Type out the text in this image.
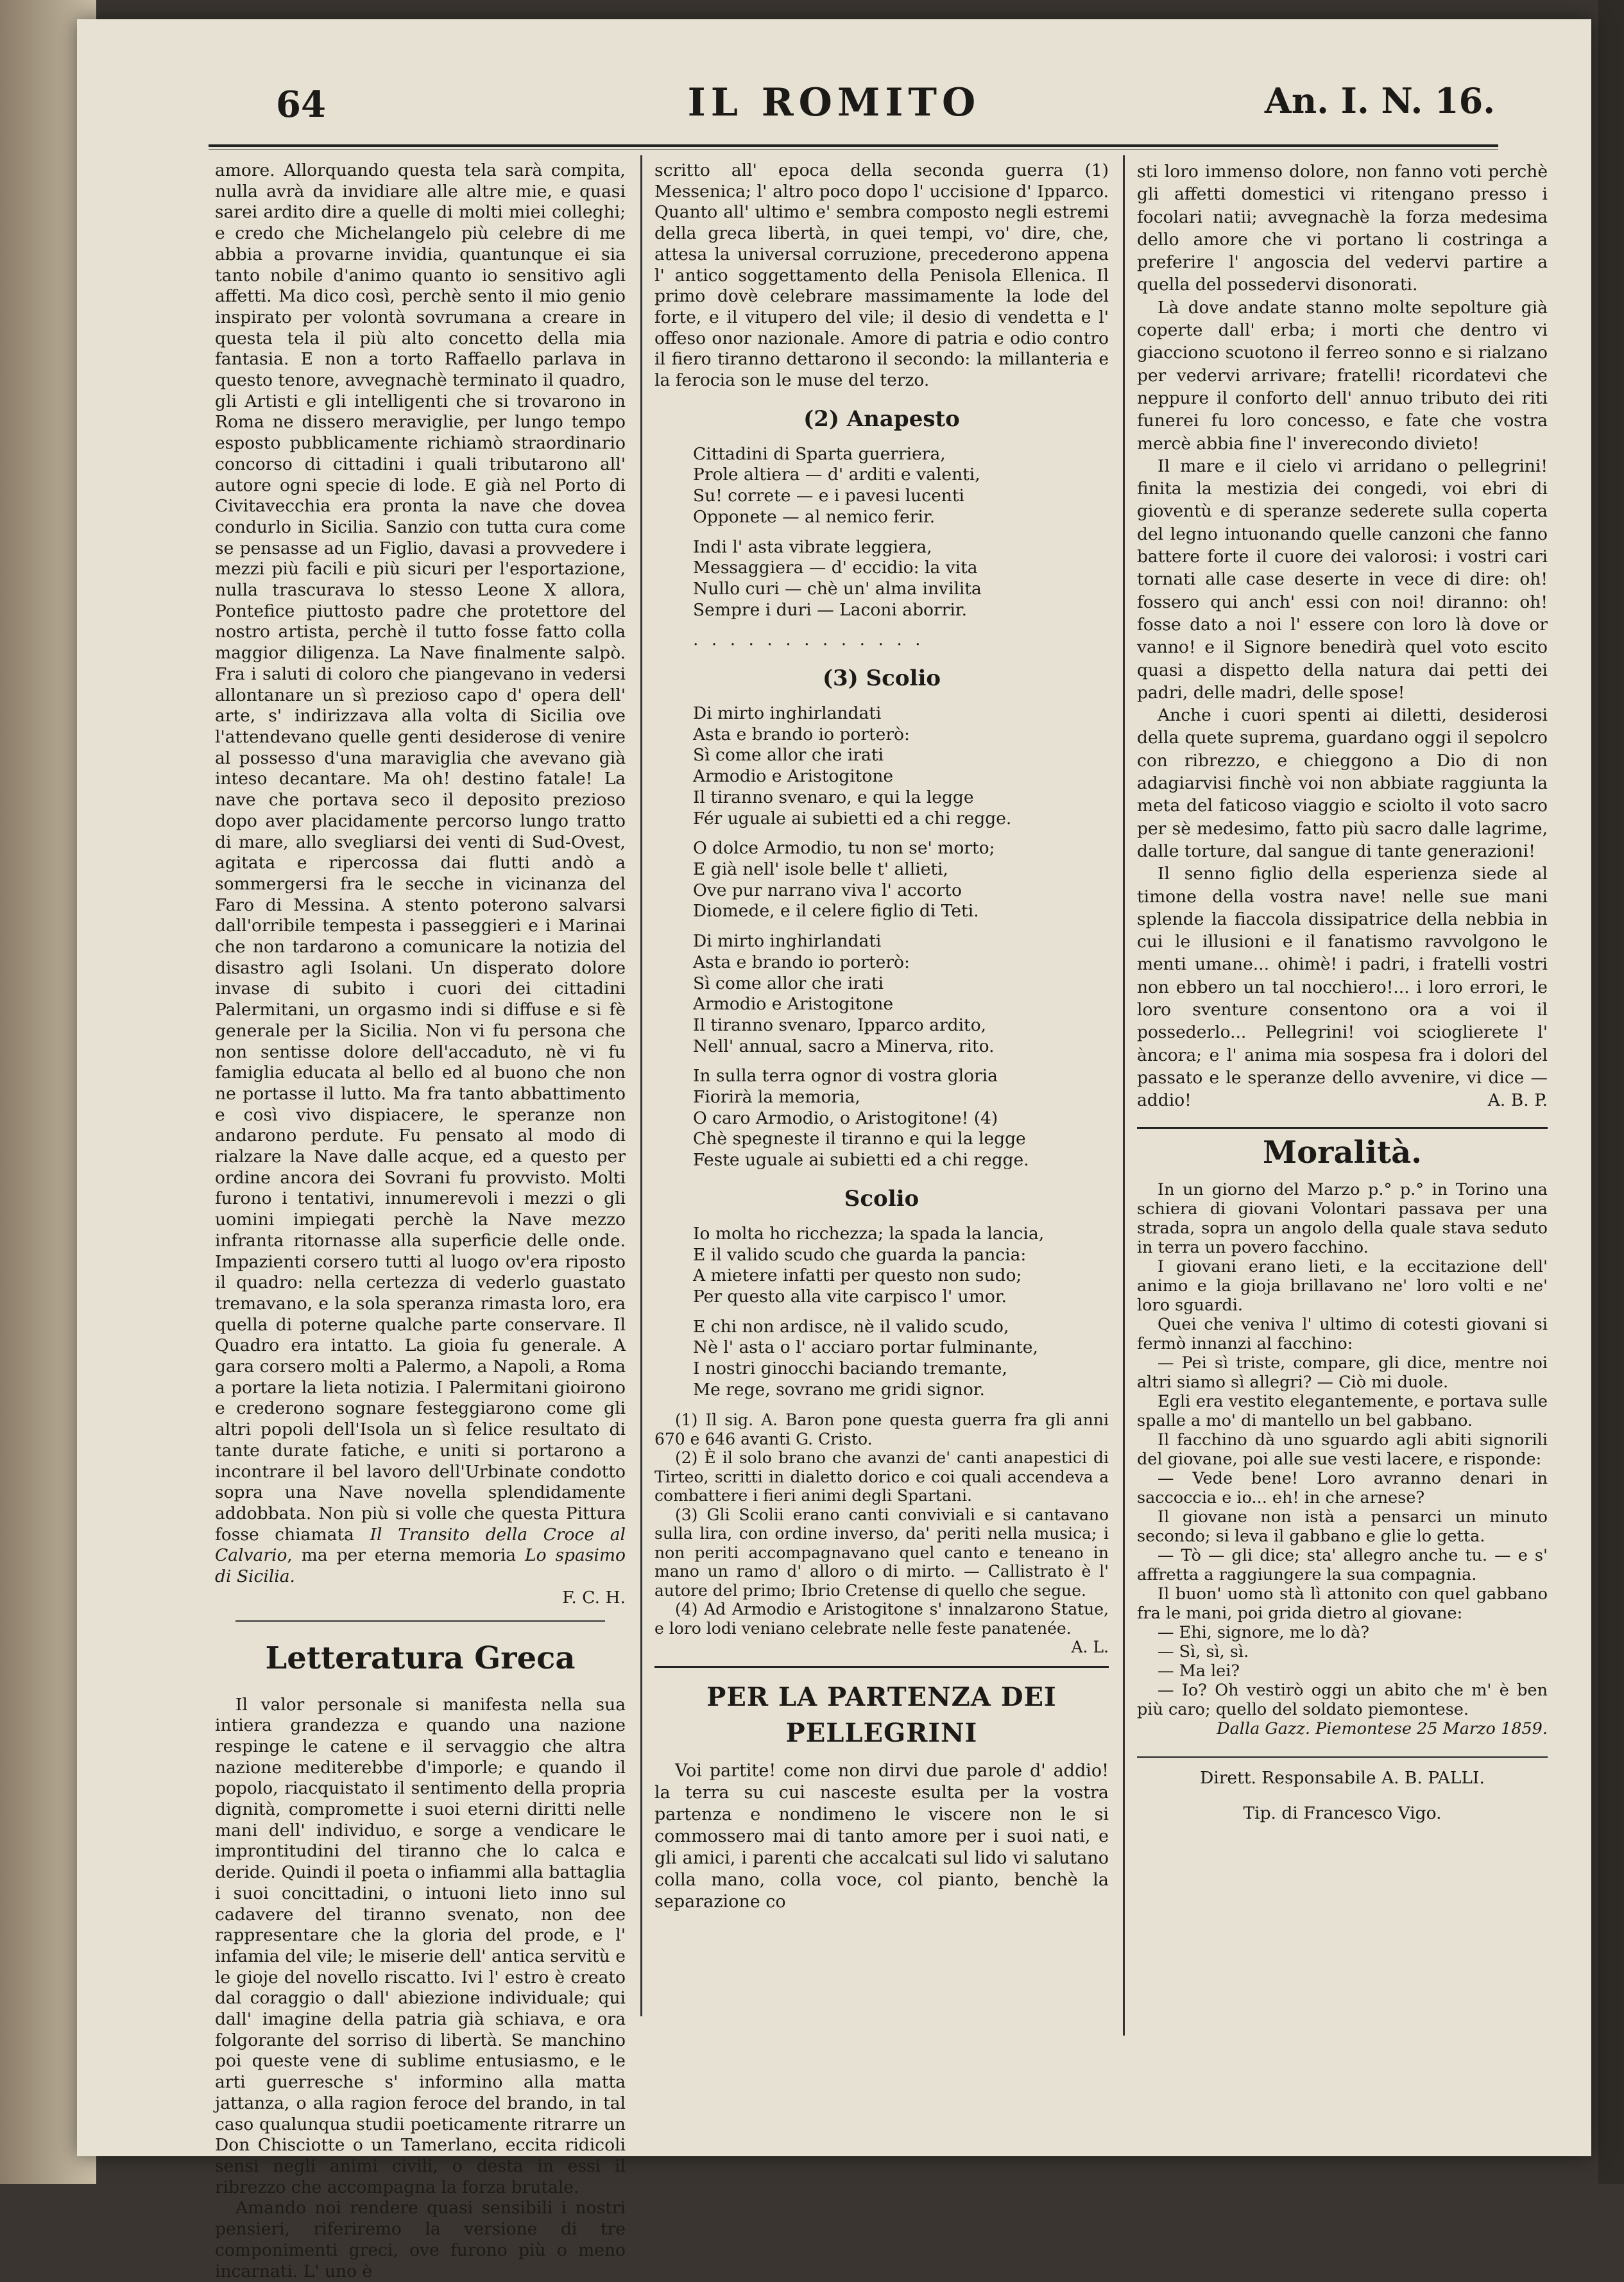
64	IL ROMITO	An. I. N. 16.

amore. Allorquando questa tela sarà compita, nulla avrà da invidiare alle altre mie, e quasi sarei ardito dire a quelle di molti miei colleghi; e credo che Michelangelo più celebre di me abbia a provarne invidia, quantunque ei sia tanto nobile d'animo quanto io sensitivo agli affetti. Ma dico così, perchè sento il mio genio inspirato per volontà sovrumana a creare in questa tela il più alto concetto della mia fantasia. E non a torto Raffaello parlava in questo tenore, avvegnachè terminato il quadro, gli Artisti e gli intelligenti che si trovarono in Roma ne dissero meraviglie, per lungo tempo esposto pubblicamente richiamò straordinario concorso di cittadini i quali tributarono all' autore ogni specie di lode. E già nel Porto di Civitavecchia era pronta la nave che dovea condurlo in Sicilia. Sanzio con tutta cura come se pensasse ad un Figlio, davasi a provvedere i mezzi più facili e più sicuri per l'esportazione, nulla trascurava lo stesso Leone X allora, Pontefice piuttosto padre che protettore del nostro artista, perchè il tutto fosse fatto colla maggior diligenza. La Nave finalmente salpò. Fra i saluti di coloro che piangevano in vedersi allontanare un sì prezioso capo d' opera dell' arte, s' indirizzava alla volta di Sicilia ove l'attendevano quelle genti desiderose di venire al possesso d'una maraviglia che avevano già inteso decantare. Ma oh! destino fatale! La nave che portava seco il deposito prezioso dopo aver placidamente percorso lungo tratto di mare, allo svegliarsi dei venti di Sud-Ovest, agitata e ripercossa dai flutti andò a sommergersi fra le secche in vicinanza del Faro di Messina. A stento poterono salvarsi dall'orribile tempesta i passeggieri e i Marinai che non tardarono a comunicare la notizia del disastro agli Isolani. Un disperato dolore invase di subito i cuori dei cittadini Palermitani, un orgasmo indi si diffuse e si fè generale per la Sicilia. Non vi fu persona che non sentisse dolore dell'accaduto, nè vi fu famiglia educata al bello ed al buono che non ne portasse il lutto. Ma fra tanto abbattimento e così vivo dispiacere, le speranze non andarono perdute. Fu pensato al modo di rialzare la Nave dalle acque, ed a questo per ordine ancora dei Sovrani fu provvisto. Molti furono i tentativi, innumerevoli i mezzi o gli uomini impiegati perchè la Nave mezzo infranta ritornasse alla superficie delle onde. Impazienti corsero tutti al luogo ov'era riposto il quadro: nella certezza di vederlo guastato tremavano, e la sola speranza rimasta loro, era quella di poterne qualche parte conservare. Il Quadro era intatto. La gioia fu generale. A gara corsero molti a Palermo, a Napoli, a Roma a portare la lieta notizia. I Palermitani gioirono e crederono sognare festeggiarono come gli altri popoli dell'Isola un sì felice resultato di tante durate fatiche, e uniti si portarono a incontrare il bel lavoro dell'Urbinate condotto sopra una Nave novella splendidamente addobbata. Non più si volle che questa Pittura fosse chiamata Il Transito della Croce al Calvario, ma per eterna memoria Lo spasimo di Sicilia.

F. C. H.

Letteratura Greca

Il valor personale si manifesta nella sua intiera grandezza e quando una nazione respinge le catene e il servaggio che altra nazione mediterebbe d'imporle; e quando il popolo, riacquistato il sentimento della propria dignità, compromette i suoi eterni diritti nelle mani dell' individuo, e sorge a vendicare le improntitudini del tiranno che lo calca e deride. Quindi il poeta o infiammi alla battaglia i suoi concittadini, o intuoni lieto inno sul cadavere del tiranno svenato, non dee rappresentare che la gloria del prode, e l' infamia del vile; le miserie dell' antica servitù e le gioje del novello riscatto. Ivi l' estro è creato dal coraggio o dall' abiezione individuale; qui dall' imagine della patria già schiava, e ora folgorante del sorriso di libertà. Se manchino poi queste vene di sublime entusiasmo, e le arti guerresche s' informino alla matta jattanza, o alla ragion feroce del brando, in tal caso qualunqua studii poeticamente ritrarre un Don Chisciotte o un Tamerlano, eccita ridicoli sensi negli animi civili, o desta in essi il ribrezzo che accompagna la forza brutale.

Amando noi rendere quasi sensibili i nostri pensieri, riferiremo la versione di tre componimenti greci, ove furono più o meno incarnati. L' uno è

scritto all' epoca della seconda guerra (1) Messenica; l' altro poco dopo l' uccisione d' Ipparco. Quanto all' ultimo e' sembra composto negli estremi della greca libertà, in quei tempi, vo' dire, che, attesa la universal corruzione, precederono appena l' antico soggettamento della Penisola Ellenica. Il primo dovè celebrare massimamente la lode del forte, e il vitupero del vile; il desio di vendetta e l' offeso onor nazionale. Amore di patria e odio contro il fiero tiranno dettarono il secondo: la millanteria e la ferocia son le muse del terzo.

(2) Anapesto
Cittadini di Sparta guerriera,
Prole altiera — d' arditi e valenti,
Su! correte — e i pavesi lucenti
Opponete — al nemico ferir.
Indi l' asta vibrate leggiera,
Messaggiera — d' eccidio: la vita
Nullo curi — chè un' alma invilita
Sempre i duri — Laconi aborrir.
. . . . . . . . . . . . .
(3) Scolio
Di mirto inghirlandati
Asta e brando io porterò:
Sì come allor che irati
Armodio e Aristogitone
Il tiranno svenaro, e qui la legge
Fér uguale ai subietti ed a chi regge.
O dolce Armodio, tu non se' morto;
E già nell' isole belle t' allieti,
Ove pur narrano viva l' accorto
Diomede, e il celere figlio di Teti.
Di mirto inghirlandati
Asta e brando io porterò:
Sì come allor che irati
Armodio e Aristogitone
Il tiranno svenaro, Ipparco ardito,
Nell' annual, sacro a Minerva, rito.
In sulla terra ognor di vostra gloria
Fiorirà la memoria,
O caro Armodio, o Aristogitone! (4)
Chè spegneste il tiranno e qui la legge
Feste uguale ai subietti ed a chi regge.
Scolio
Io molta ho ricchezza; la spada la lancia,
E il valido scudo che guarda la pancia:
A mietere infatti per questo non sudo;
Per questo alla vite carpisco l' umor.
E chi non ardisce, nè il valido scudo,
Nè l' asta o l' acciaro portar fulminante,
I nostri ginocchi baciando tremante,
Me rege, sovrano me gridi signor.

(1) Il sig. A. Baron pone questa guerra fra gli anni 670 e 646 avanti G. Cristo.

(2) È il solo brano che avanzi de' canti anapestici di Tirteo, scritti in dialetto dorico e coi quali accendeva a combattere i fieri animi degli Spartani.

(3) Gli Scolii erano canti conviviali e si cantavano sulla lira, con ordine inverso, da' periti nella musica; i non periti accompagnavano quel canto e teneano in mano un ramo d' alloro o di mirto. — Callistrato è l' autore del primo; Ibrio Cretense di quello che segue.

(4) Ad Armodio e Aristogitone s' innalzarono Statue, e loro lodi veniano celebrate nelle feste panatenée.

A. L.

PER LA PARTENZA DEI PELLEGRINI

Voi partite! come non dirvi due parole d' addio! la terra su cui nasceste esulta per la vostra partenza e nondimeno le viscere non le si commossero mai di tanto amore per i suoi nati, e gli amici, i parenti che accalcati sul lido vi salutano colla mano, colla voce, col pianto, benchè la separazione co

sti loro immenso dolore, non fanno voti perchè gli affetti domestici vi ritengano presso i focolari natii; avvegnachè la forza medesima dello amore che vi portano li costringa a preferire l' angoscia del vedervi partire a quella del possedervi disonorati.

Là dove andate stanno molte sepolture già coperte dall' erba; i morti che dentro vi giacciono scuotono il ferreo sonno e si rialzano per vedervi arrivare; fratelli! ricordatevi che neppure il conforto dell' annuo tributo dei riti funerei fu loro concesso, e fate che vostra mercè abbia fine l' inverecondo divieto!

Il mare e il cielo vi arridano o pellegrini! finita la mestizia dei congedi, voi ebri di gioventù e di speranze sederete sulla coperta del legno intuonando quelle canzoni che fanno battere forte il cuore dei valorosi: i vostri cari tornati alle case deserte in vece di dire: oh! fossero qui anch' essi con noi! diranno: oh! fosse dato a noi l' essere con loro là dove or vanno! e il Signore benedirà quel voto escito quasi a dispetto della natura dai petti dei padri, delle madri, delle spose!

Anche i cuori spenti ai diletti, desiderosi della quete suprema, guardano oggi il sepolcro con ribrezzo, e chieggono a Dio di non adagiarvisi finchè voi non abbiate raggiunta la meta del faticoso viaggio e sciolto il voto sacro per sè medesimo, fatto più sacro dalle lagrime, dalle torture, dal sangue di tante generazioni!

Il senno figlio della esperienza siede al timone della vostra nave! nelle sue mani splende la fiaccola dissipatrice della nebbia in cui le illusioni e il fanatismo ravvolgono le menti umane... ohimè! i padri, i fratelli vostri non ebbero un tal nocchiero!... i loro errori, le loro sventure consentono ora a voi il possederlo... Pellegrini! voi scioglierete l' àncora; e l' anima mia sospesa fra i dolori del passato e le speranze dello avvenire, vi dice — addio!	A. B. P.

Moralità.

In un giorno del Marzo p.° p.° in Torino una schiera di giovani Volontari passava per una strada, sopra un angolo della quale stava seduto in terra un povero facchino.

I giovani erano lieti, e la eccitazione dell' animo e la gioja brillavano ne' loro volti e ne' loro sguardi.

Quei che veniva l' ultimo di cotesti giovani si fermò innanzi al facchino:

— Pei sì triste, compare, gli dice, mentre noi altri siamo sì allegri? — Ciò mi duole.

Egli era vestito elegantemente, e portava sulle spalle a mo' di mantello un bel gabbano.

Il facchino dà uno sguardo agli abiti signorili del giovane, poi alle sue vesti lacere, e risponde:

— Vede bene! Loro avranno denari in saccoccia e io... eh! in che arnese?

Il giovane non istà a pensarci un minuto secondo; si leva il gabbano e glie lo getta.

— Tò — gli dice; sta' allegro anche tu. — e s' affretta a raggiungere la sua compagnia.

Il buon' uomo stà lì attonito con quel gabbano fra le mani, poi grida dietro al giovane:

— Ehi, signore, me lo dà?

— Sì, sì, sì.

— Ma lei?

— Io? Oh vestirò oggi un abito che m' è ben più caro; quello del soldato piemontese.

Dalla Gazz. Piemontese 25 Marzo 1859.

Dirett. Responsabile A. B. PALLI.
Tip. di Francesco Vigo.
